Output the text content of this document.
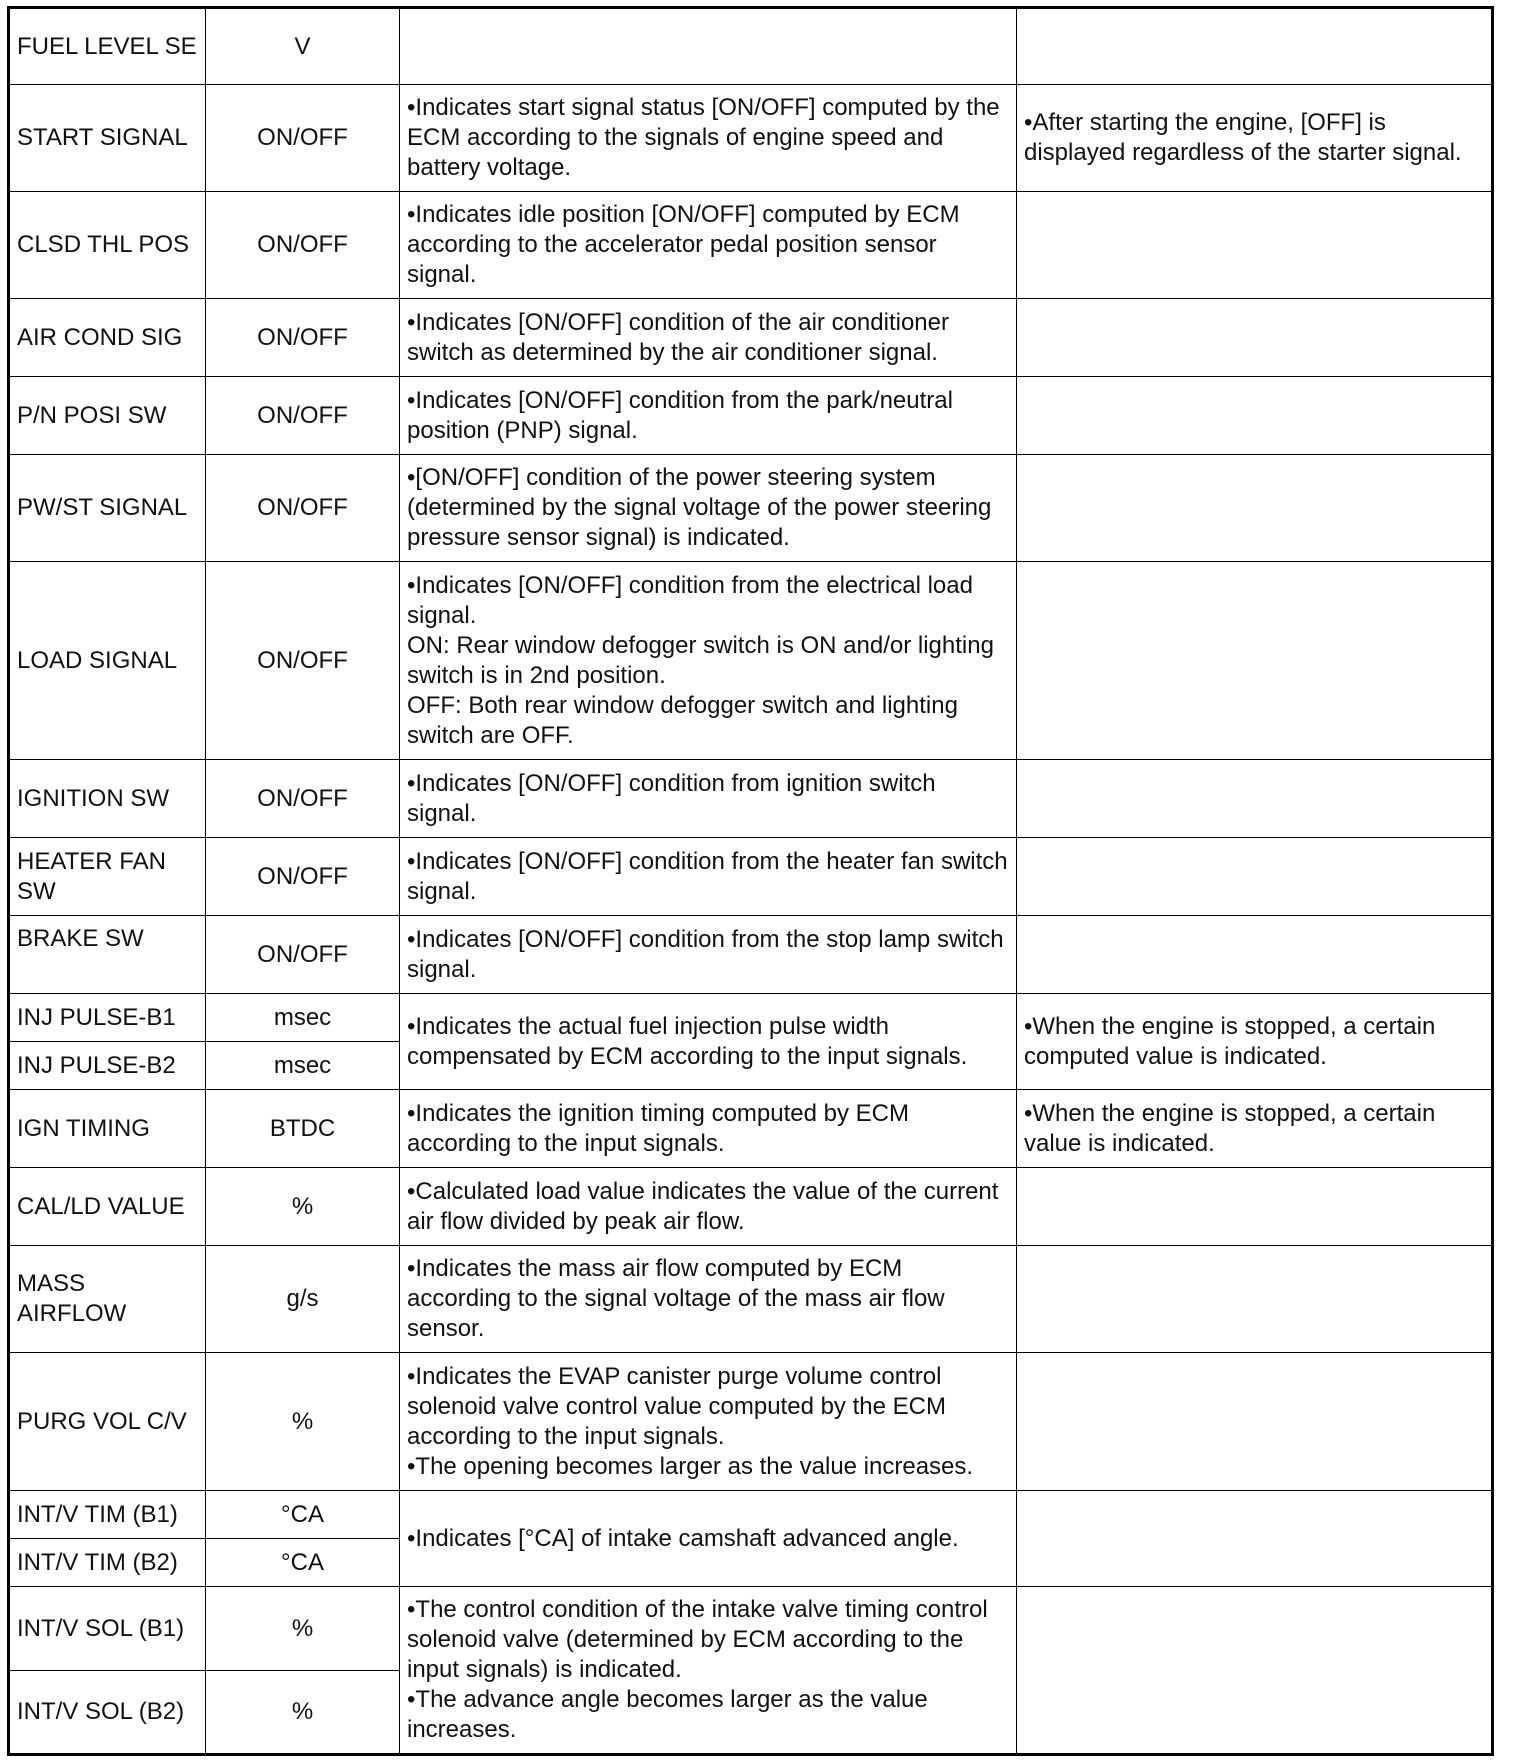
FUEL LEVEL SE	V		
START SIGNAL	ON/OFF	•Indicates start signal status [ON/OFF] computed by the ECM according to the signals of engine speed and battery voltage.	•After starting the engine, [OFF] is displayed regardless of the starter signal.

CLSD THL POS	ON/OFF	•Indicates idle position [ON/OFF] computed by ECM according to the accelerator pedal position sensor signal.	

AIR COND SIG	ON/OFF	•Indicates [ON/OFF] condition of the air conditioner switch as determined by the air conditioner signal.	

P/N POSI SW	ON/OFF	•Indicates [ON/OFF] condition from the park/neutral position (PNP) signal.	

PW/ST SIGNAL	ON/OFF	•[ON/OFF] condition of the power steering system (determined by the signal voltage of the power steering pressure sensor signal) is indicated.	

LOAD SIGNAL	ON/OFF	•Indicates [ON/OFF] condition from the electrical load signal.
ON: Rear window defogger switch is ON and/or lighting switch is in 2nd position.
OFF: Both rear window defogger switch and lighting switch are OFF.	

IGNITION SW	ON/OFF	•Indicates [ON/OFF] condition from ignition switch signal.	

HEATER FAN SW	ON/OFF	•Indicates [ON/OFF] condition from the heater fan switch signal.	

BRAKE SW	ON/OFF	•Indicates [ON/OFF] condition from the stop lamp switch signal.	

INJ PULSE-B1	msec	•Indicates the actual fuel injection pulse width compensated by ECM according to the input signals.	•When the engine is stopped, a certain computed value is indicated.

INJ PULSE-B2	msec		
IGN TIMING	BTDC	•Indicates the ignition timing computed by ECM according to the input signals.	•When the engine is stopped, a certain value is indicated.

CAL/LD VALUE	%	•Calculated load value indicates the value of the current air flow divided by peak air flow.	

MASS AIRFLOW	g/s	•Indicates the mass air flow computed by ECM according to the signal voltage of the mass air flow sensor.	

PURG VOL C/V	%	•Indicates the EVAP canister purge volume control solenoid valve control value computed by the ECM according to the input signals.
•The opening becomes larger as the value increases.	

INT/V TIM (B1)	°CA	•Indicates [°CA] of intake camshaft advanced angle.	

INT/V TIM (B2)	°CA		
INT/V SOL (B1)	%	•The control condition of the intake valve timing control solenoid valve (determined by ECM according to the input signals) is indicated.
•The advance angle becomes larger as the value increases.	

INT/V SOL (B2)	%		
